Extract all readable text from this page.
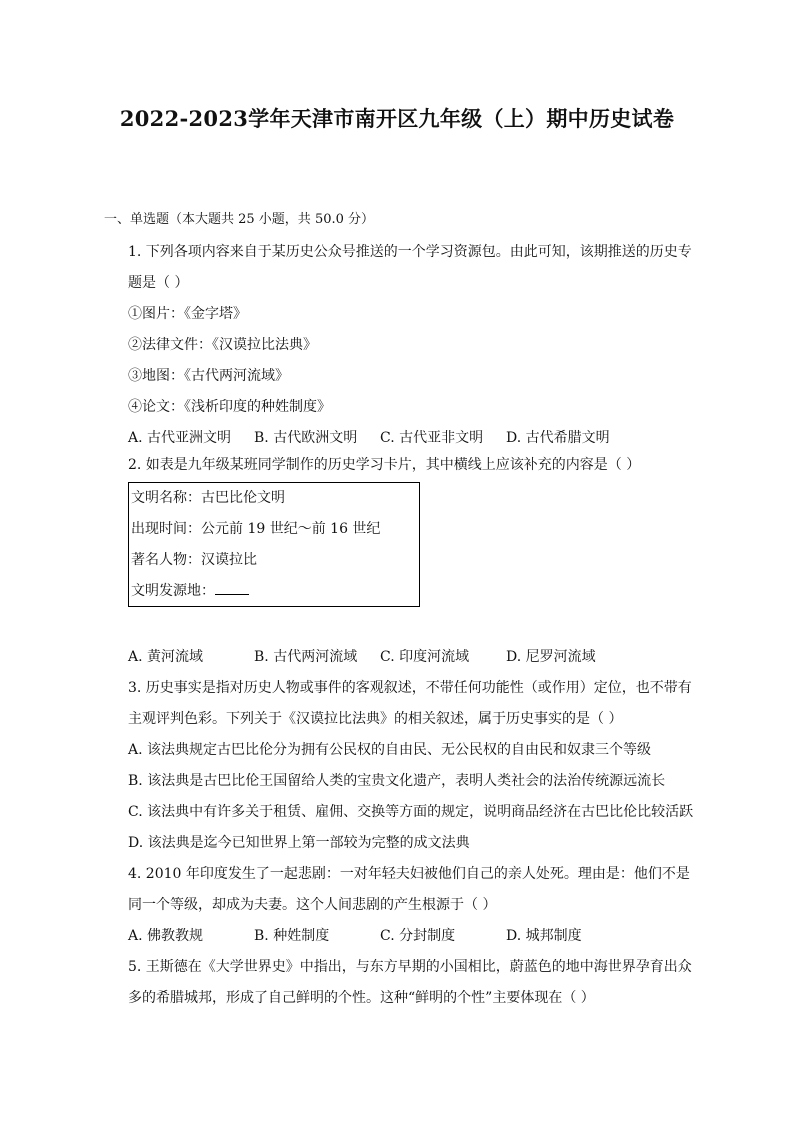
2022-2023学年天津市南开区九年级（上）期中历史试卷
一、单选题（本大题共 25 小题，共 50.0 分）
1. 下列各项内容来自于某历史公众号推送的一个学习资源包。由此可知，该期推送的历史专
题是（ ）
①图片：《金字塔》
②法律文件：《汉谟拉比法典》
③地图：《古代两河流域》
④论文：《浅析印度的种姓制度》
A. 古代亚洲文明	B. 古代欧洲文明	C. 古代亚非文明	D. 古代希腊文明
2. 如表是九年级某班同学制作的历史学习卡片，其中横线上应该补充的内容是（ ）
文明名称：古巴比伦文明
出现时间：公元前 19 世纪～前 16 世纪
著名人物：汉谟拉比
文明发源地：
A. 黄河流域	B. 古代两河流域	C. 印度河流域	D. 尼罗河流域
3. 历史事实是指对历史人物或事件的客观叙述，不带任何功能性（或作用）定位，也不带有
主观评判色彩。下列关于《汉谟拉比法典》的相关叙述，属于历史事实的是（ ）
A. 该法典规定古巴比伦分为拥有公民权的自由民、无公民权的自由民和奴隶三个等级
B. 该法典是古巴比伦王国留给人类的宝贵文化遗产，表明人类社会的法治传统源远流长
C. 该法典中有许多关于租赁、雇佣、交换等方面的规定，说明商品经济在古巴比伦比较活跃
D. 该法典是迄今已知世界上第一部较为完整的成文法典
4. 2010 年印度发生了一起悲剧：一对年轻夫妇被他们自己的亲人处死。理由是：他们不是
同一个等级，却成为夫妻。这个人间悲剧的产生根源于（ ）
A. 佛教教规	B. 种姓制度	C. 分封制度	D. 城邦制度
5. 王斯德在《大学世界史》中指出，与东方早期的小国相比，蔚蓝色的地中海世界孕育出众
多的希腊城邦，形成了自己鲜明的个性。这种“鲜明的个性”主要体现在（ ）
